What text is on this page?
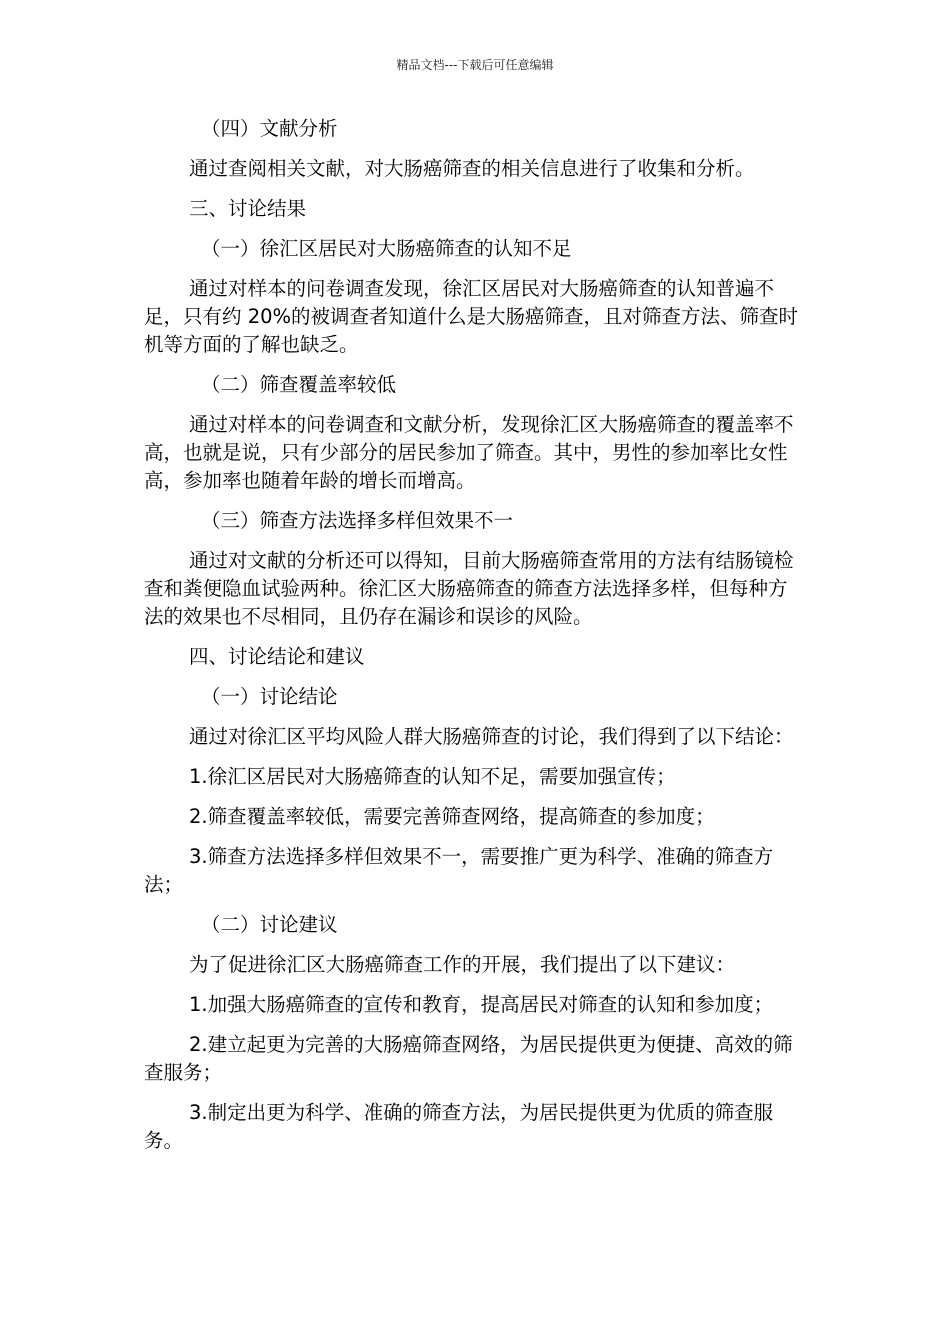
精品文档---下载后可任意编辑

（四）文献分析

通过查阅相关文献，对大肠癌筛查的相关信息进行了收集和分析。

三、讨论结果

（一）徐汇区居民对大肠癌筛查的认知不足

通过对样本的问卷调查发现，徐汇区居民对大肠癌筛查的认知普遍不足，只有约 20%的被调查者知道什么是大肠癌筛查，且对筛查方法、筛查时机等方面的了解也缺乏。

（二）筛查覆盖率较低

通过对样本的问卷调查和文献分析，发现徐汇区大肠癌筛查的覆盖率不高，也就是说，只有少部分的居民参加了筛查。其中，男性的参加率比女性高，参加率也随着年龄的增长而增高。

（三）筛查方法选择多样但效果不一

通过对文献的分析还可以得知，目前大肠癌筛查常用的方法有结肠镜检查和粪便隐血试验两种。徐汇区大肠癌筛查的筛查方法选择多样，但每种方法的效果也不尽相同，且仍存在漏诊和误诊的风险。

四、讨论结论和建议

（一）讨论结论

通过对徐汇区平均风险人群大肠癌筛查的讨论，我们得到了以下结论：

1.徐汇区居民对大肠癌筛查的认知不足，需要加强宣传；

2.筛查覆盖率较低，需要完善筛查网络，提高筛查的参加度；

3.筛查方法选择多样但效果不一，需要推广更为科学、准确的筛查方法；

（二）讨论建议

为了促进徐汇区大肠癌筛查工作的开展，我们提出了以下建议：

1.加强大肠癌筛查的宣传和教育，提高居民对筛查的认知和参加度；

2.建立起更为完善的大肠癌筛查网络，为居民提供更为便捷、高效的筛查服务；

3.制定出更为科学、准确的筛查方法，为居民提供更为优质的筛查服务。
